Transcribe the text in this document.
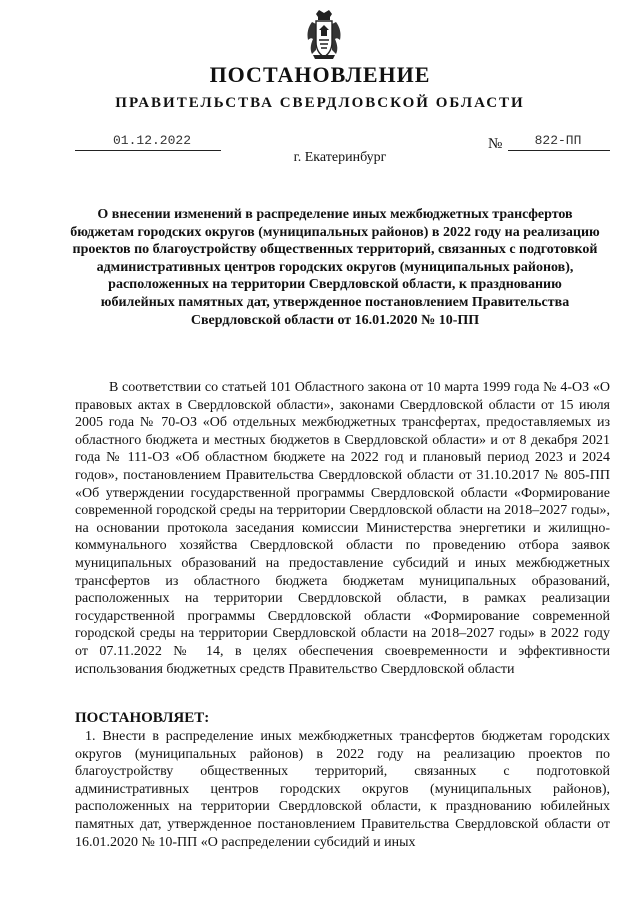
ПОСТАНОВЛЕНИЕ
ПРАВИТЕЛЬСТВА СВЕРДЛОВСКОЙ ОБЛАСТИ
01.12.2022	№	822-ПП
г. Екатеринбург
О внесении изменений в распределение иных межбюджетных трансфертов бюджетам городских округов (муниципальных районов) в 2022 году на реализацию проектов по благоустройству общественных территорий, связанных с подготовкой административных центров городских округов (муниципальных районов), расположенных на территории Свердловской области, к празднованию юбилейных памятных дат, утвержденное постановлением Правительства Свердловской области от 16.01.2020 № 10-ПП
В соответствии со статьей 101 Областного закона от 10 марта 1999 года № 4-ОЗ «О правовых актах в Свердловской области», законами Свердловской области от 15 июля 2005 года № 70-ОЗ «Об отдельных межбюджетных трансфертах, предоставляемых из областного бюджета и местных бюджетов в Свердловской области» и от 8 декабря 2021 года № 111-ОЗ «Об областном бюджете на 2022 год и плановый период 2023 и 2024 годов», постановлением Правительства Свердловской области от 31.10.2017 № 805-ПП «Об утверждении государственной программы Свердловской области «Формирование современной городской среды на территории Свердловской области на 2018–2027 годы», на основании протокола заседания комиссии Министерства энергетики и жилищно-коммунального хозяйства Свердловской области по проведению отбора заявок муниципальных образований на предоставление субсидий и иных межбюджетных трансфертов из областного бюджета бюджетам муниципальных образований, расположенных на территории Свердловской области, в рамках реализации государственной программы Свердловской области «Формирование современной городской среды на территории Свердловской области на 2018–2027 годы» в 2022 году от 07.11.2022 № 14, в целях обеспечения своевременности и эффективности использования бюджетных средств Правительство Свердловской области
ПОСТАНОВЛЯЕТ:
1. Внести в распределение иных межбюджетных трансфертов бюджетам городских округов (муниципальных районов) в 2022 году на реализацию проектов по благоустройству общественных территорий, связанных с подготовкой административных центров городских округов (муниципальных районов), расположенных на территории Свердловской области, к празднованию юбилейных памятных дат, утвержденное постановлением Правительства Свердловской области от 16.01.2020 № 10-ПП «О распределении субсидий и иных
